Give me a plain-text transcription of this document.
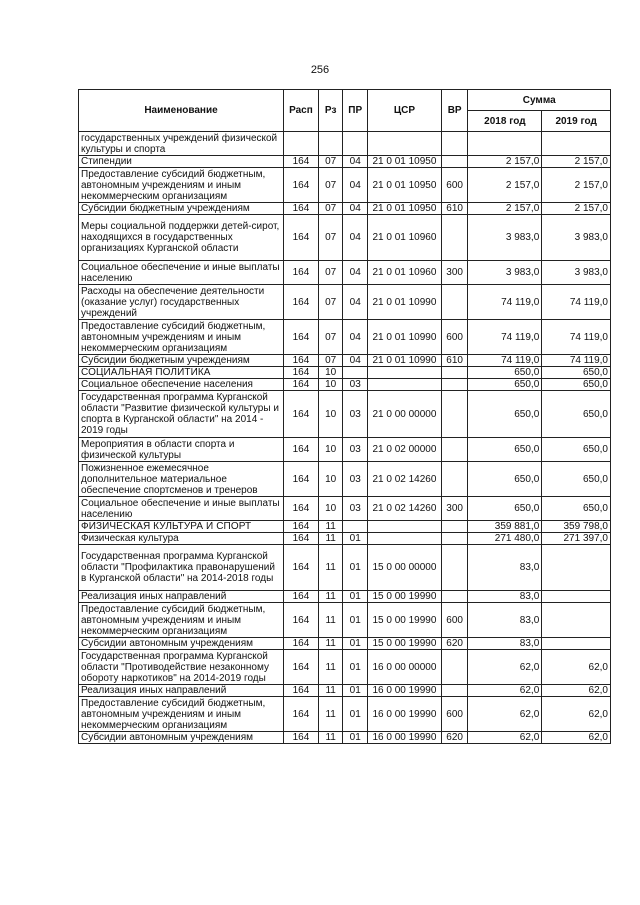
256
Наименование	Расп	Рз	ПР	ЦСР	ВР	Сумма	
						2018 год	2019 год
государственных учреждений физической культуры и спорта							
Стипендии	164	07	04	21 0 01 10950		2 157,0	2 157,0
Предоставление субсидий бюджетным, автономным учреждениям и иным некоммерческим организациям	164	07	04	21 0 01 10950	600	2 157,0	2 157,0
Субсидии бюджетным учреждениям	164	07	04	21 0 01 10950	610	2 157,0	2 157,0
Меры социальной поддержки детей-сирот, находящихся в государственных организациях Курганской области	164	07	04	21 0 01 10960		3 983,0	3 983,0
Социальное обеспечение и иные выплаты населению	164	07	04	21 0 01 10960	300	3 983,0	3 983,0
Расходы на обеспечение деятельности (оказание услуг) государственных учреждений	164	07	04	21 0 01 10990		74 119,0	74 119,0
Предоставление субсидий бюджетным, автономным учреждениям и иным некоммерческим организациям	164	07	04	21 0 01 10990	600	74 119,0	74 119,0
Субсидии бюджетным учреждениям	164	07	04	21 0 01 10990	610	74 119,0	74 119,0
СОЦИАЛЬНАЯ ПОЛИТИКА	164	10				650,0	650,0
Социальное обеспечение населения	164	10	03			650,0	650,0
Государственная программа Курганской области "Развитие физической культуры и спорта в Курганской области" на 2014 - 2019 годы	164	10	03	21 0 00 00000		650,0	650,0
Мероприятия в области спорта и физической культуры	164	10	03	21 0 02 00000		650,0	650,0
Пожизненное ежемесячное дополнительное материальное обеспечение спортсменов и тренеров	164	10	03	21 0 02 14260		650,0	650,0
Социальное обеспечение и иные выплаты населению	164	10	03	21 0 02 14260	300	650,0	650,0
ФИЗИЧЕСКАЯ КУЛЬТУРА И СПОРТ	164	11				359 881,0	359 798,0
Физическая культура	164	11	01			271 480,0	271 397,0
Государственная программа Курганской области "Профилактика правонарушений в Курганской области" на 2014-2018 годы	164	11	01	15 0 00 00000		83,0	
Реализация иных направлений	164	11	01	15 0 00 19990		83,0	
Предоставление субсидий бюджетным, автономным учреждениям и иным некоммерческим организациям	164	11	01	15 0 00 19990	600	83,0	
Субсидии автономным учреждениям	164	11	01	15 0 00 19990	620	83,0	
Государственная программа Курганской области "Противодействие незаконному обороту наркотиков" на 2014-2019 годы	164	11	01	16 0 00 00000		62,0	62,0
Реализация иных направлений	164	11	01	16 0 00 19990		62,0	62,0
Предоставление субсидий бюджетным, автономным учреждениям и иным некоммерческим организациям	164	11	01	16 0 00 19990	600	62,0	62,0
Субсидии автономным учреждениям	164	11	01	16 0 00 19990	620	62,0	62,0
